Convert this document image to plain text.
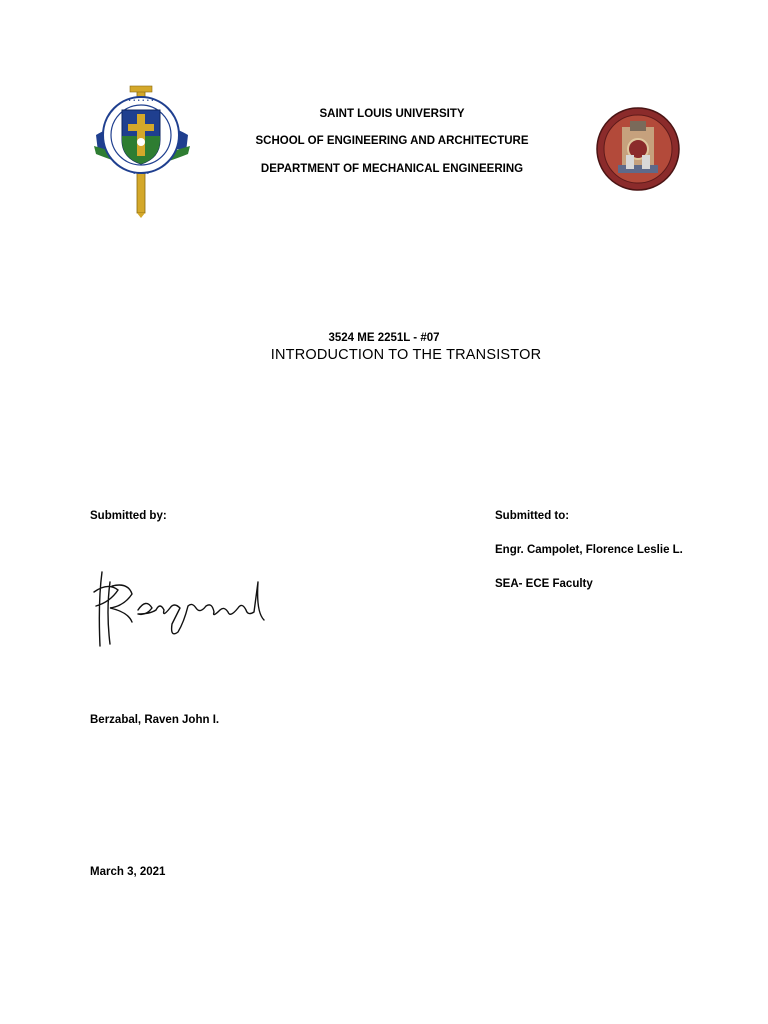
• • • • • •
• • • •
SAINT LOUIS UNIVERSITY
SCHOOL OF ENGINEERING AND ARCHITECTURE
DEPARTMENT OF MECHANICAL ENGINEERING
3524 ME 2251L - #07
INTRODUCTION TO THE TRANSISTOR
Submitted by:
Berzabal, Raven John I.
Submitted to:
Engr. Campolet, Florence Leslie L.
SEA- ECE Faculty
March 3, 2021
